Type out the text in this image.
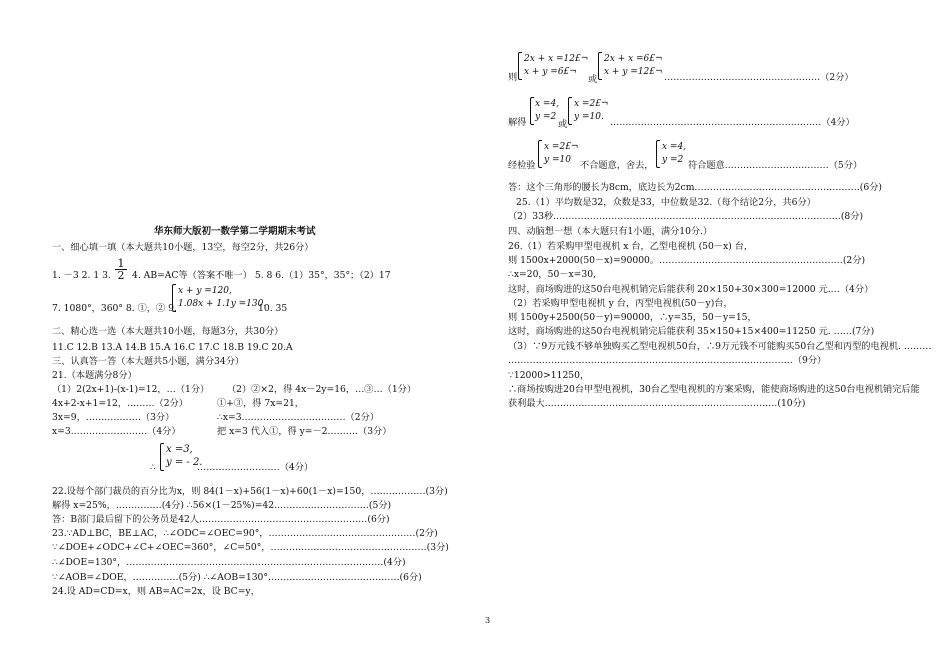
华东师大版初一数学第二学期期末考试
一、细心填一填（本大题共10小题，13空，每空2分，共26分）
1. －3 2. 1 3.
1
2 4. AB=AC等（答案不唯一） 5. 8 6.（1）35°，35°；（2）17
7. 1080°，360° 8. ①，② 9.
x + y =120,
1.08x + 1.1y =130.
10. 35
二、精心选一选（本大题共10小题，每题3分，共30分）
11.C 12.B 13.A 14.B 15.A 16.C 17.C 18.B 19.C 20.A
三、认真答一答（本大题共5小题，满分34分）
21.（本题满分8分）
（1）2(2x+1)-(x-1)=12，…（1分） （2）②×2，得 4x－2y=16，…③…（1分）
4x+2-x+1=12，………（2分）	①+③，得 7x=21，
3x=9，………………（3分）	∴x=3.……………………………（2分）
x=3.……………………（4分）	把 x=3 代入①，得 y=－2.………（3分）
∴
x =3,
y = - 2.
………………………（4分）
22.设每个部门裁员的百分比为x，则 84(1－x)+56(1－x)+60(1－x)=150，………………(3分)
解得 x=25%，……………(4分) ∴56×(1－25%)=42.…………………………(5分)
答：B部门最后留下的公务员是42人.………………………………………………(6分)
23.∵AD⊥BC，BE⊥AC，∴∠ODC=∠OEC=90°，…………………………………………(2分)
∵∠DOE+∠ODC+∠C+∠OEC=360°，∠C=50°，……………………………………………(3分)
∴∠DOE=130°，…………………………………………………………………………(4分)
∵∠AOB=∠DOE，……………(5分) ∴∠AOB=130°.……………………………………(6分)
24.设 AD=CD=x，则 AB=AC=2x，设 BC=y，
则
2x + x =12£¬
x + y =6£¬
或
2x + x =6£¬
x + y =12£¬ ……………………………………………（2分）
解得
x =4,
y =2
或
x =2£¬
y =10. ……………………………………………………………（4分）
经检验
x =2£¬
y =10 不合题意，舍去，
x =4,
y =2 符合题意.……………………………（5分）
答：这个三角形的腰长为8cm，底边长为2cm………………………………………………(6分)
25.（1）平均数是32，众数是33，中位数是32.（每个结论2分，共6分）
（2）33秒.…………………………………………………………………………………(8分)
四、动脑想一想（本大题只有1小题，满分10分.）
26.（1）若采购甲型电视机 x 台，乙型电视机 (50－x) 台，
则 1500x+2000(50－x)=90000。……………………………………………………(2分)
∴x=20，50－x=30,
这时，商场购进的这50台电视机销完后能获利 20×150+30×300=12000 元.…（4分）
（2）若采购甲型电视机 y 台，丙型电视机(50－y)台，
则 1500y+2500(50－y)=90000，∴y=35，50－y=15，
这时，商场购进的这50台电视机销完后能获利 35×150+15×400=11250 元. ……(7分)
（3）∵9万元钱不够单独购买乙型电视机50台，∴9万元钱不可能购买50台乙型和丙型的电视机. ………
…………………………………………………………………………………（9分）
∵12000>11250，
∴商场按购进20台甲型电视机，30台乙型电视机的方案采购，能使商场购进的这50台电视机销完后能
获利最大.…………………………………………………………………(10分)
3
